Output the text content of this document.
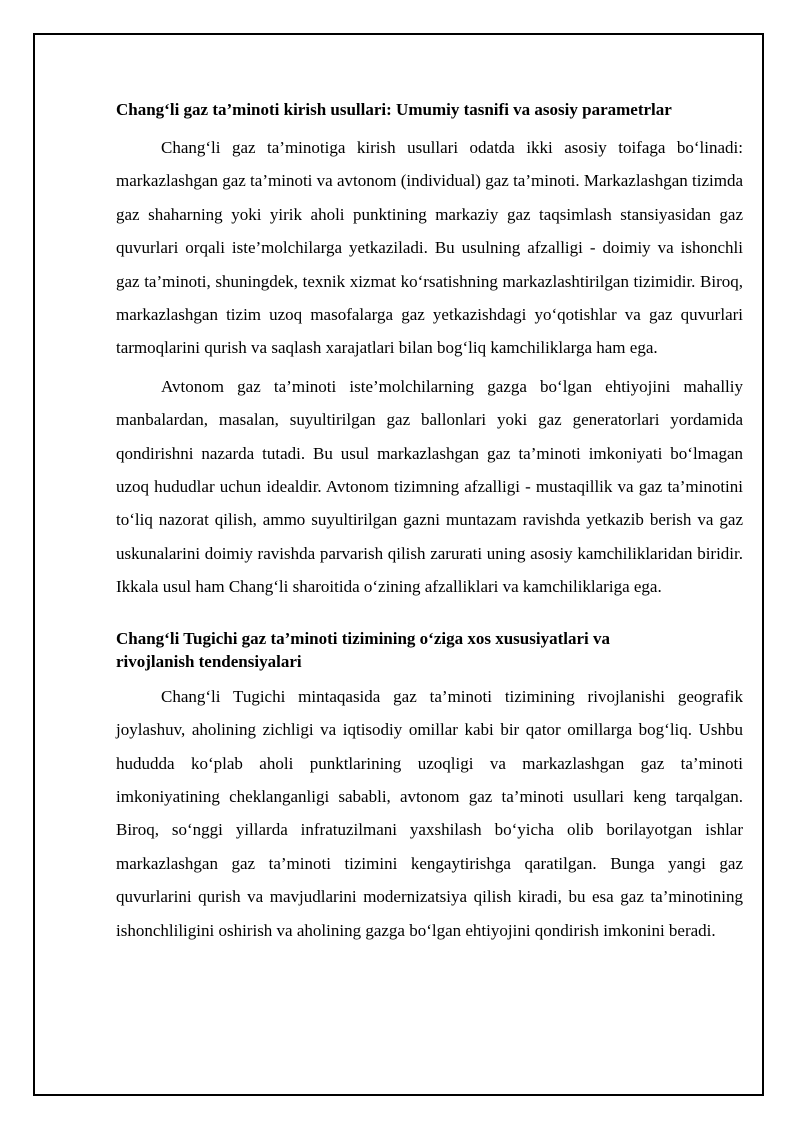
Chang‘li gaz ta’minoti kirish usullari: Umumiy tasnifi va asosiy parametrlar

Chang‘li gaz ta’minotiga kirish usullari odatda ikki asosiy toifaga bo‘linadi: markazlashgan gaz ta’minoti va avtonom (individual) gaz ta’minoti. Markazlashgan tizimda gaz shaharning yoki yirik aholi punktining markaziy gaz taqsimlash stansiyasidan gaz quvurlari orqali iste’molchilarga yetkaziladi. Bu usulning afzalligi - doimiy va ishonchli gaz ta’minoti, shuningdek, texnik xizmat ko‘rsatishning markazlashtirilgan tizimidir. Biroq, markazlashgan tizim uzoq masofalarga gaz yetkazishdagi yo‘qotishlar va gaz quvurlari tarmoqlarini qurish va saqlash xarajatlari bilan bog‘liq kamchiliklarga ham ega.

Avtonom gaz ta’minoti iste’molchilarning gazga bo‘lgan ehtiyojini mahalliy manbalardan, masalan, suyultirilgan gaz ballonlari yoki gaz generatorlari yordamida qondirishni nazarda tutadi. Bu usul markazlashgan gaz ta’minoti imkoniyati bo‘lmagan uzoq hududlar uchun idealdir. Avtonom tizimning afzalligi - mustaqillik va gaz ta’minotini to‘liq nazorat qilish, ammo suyultirilgan gazni muntazam ravishda yetkazib berish va gaz uskunalarini doimiy ravishda parvarish qilish zarurati uning asosiy kamchiliklaridan biridir. Ikkala usul ham Chang‘li sharoitida o‘zining afzalliklari va kamchiliklariga ega.

Chang‘li Tugichi gaz ta’minoti tizimining o‘ziga xos xususiyatlari va rivojlanish tendensiyalari

Chang‘li Tugichi mintaqasida gaz ta’minoti tizimining rivojlanishi geografik joylashuv, aholining zichligi va iqtisodiy omillar kabi bir qator omillarga bog‘liq. Ushbu hududda ko‘plab aholi punktlarining uzoqligi va markazlashgan gaz ta’minoti imkoniyatining cheklanganligi sababli, avtonom gaz ta’minoti usullari keng tarqalgan. Biroq, so‘nggi yillarda infratuzilmani yaxshilash bo‘yicha olib borilayotgan ishlar markazlashgan gaz ta’minoti tizimini kengaytirishga qaratilgan. Bunga yangi gaz quvurlarini qurish va mavjudlarini modernizatsiya qilish kiradi, bu esa gaz ta’minotining ishonchliligini oshirish va aholining gazga bo‘lgan ehtiyojini qondirish imkonini beradi.
